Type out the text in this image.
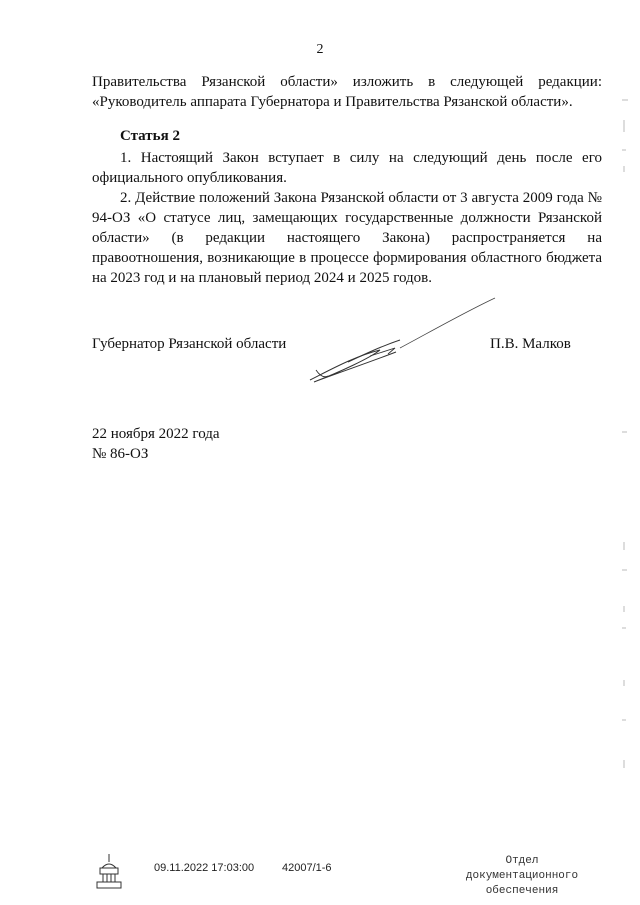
2

Правительства Рязанской области» изложить в следующей редакции: «Руководитель аппарата Губернатора и Правительства Рязанской области».

Статья 2

1. Настоящий Закон вступает в силу на следующий день после его официального опубликования.

2. Действие положений Закона Рязанской области от 3 августа 2009 года № 94-ОЗ «О статусе лиц, замещающих государственные должности Рязанской области» (в редакции настоящего Закона) распространяется на правоотношения, возникающие в процессе формирования областного бюджета на 2023 год и на плановый период 2024 и 2025 годов.

Губернатор Рязанской области	П.В. Малков
22 ноября 2022 года
№ 86-ОЗ
09.11.2022 17:03:00	42007/1-6
Отдел документационного обеспечения
